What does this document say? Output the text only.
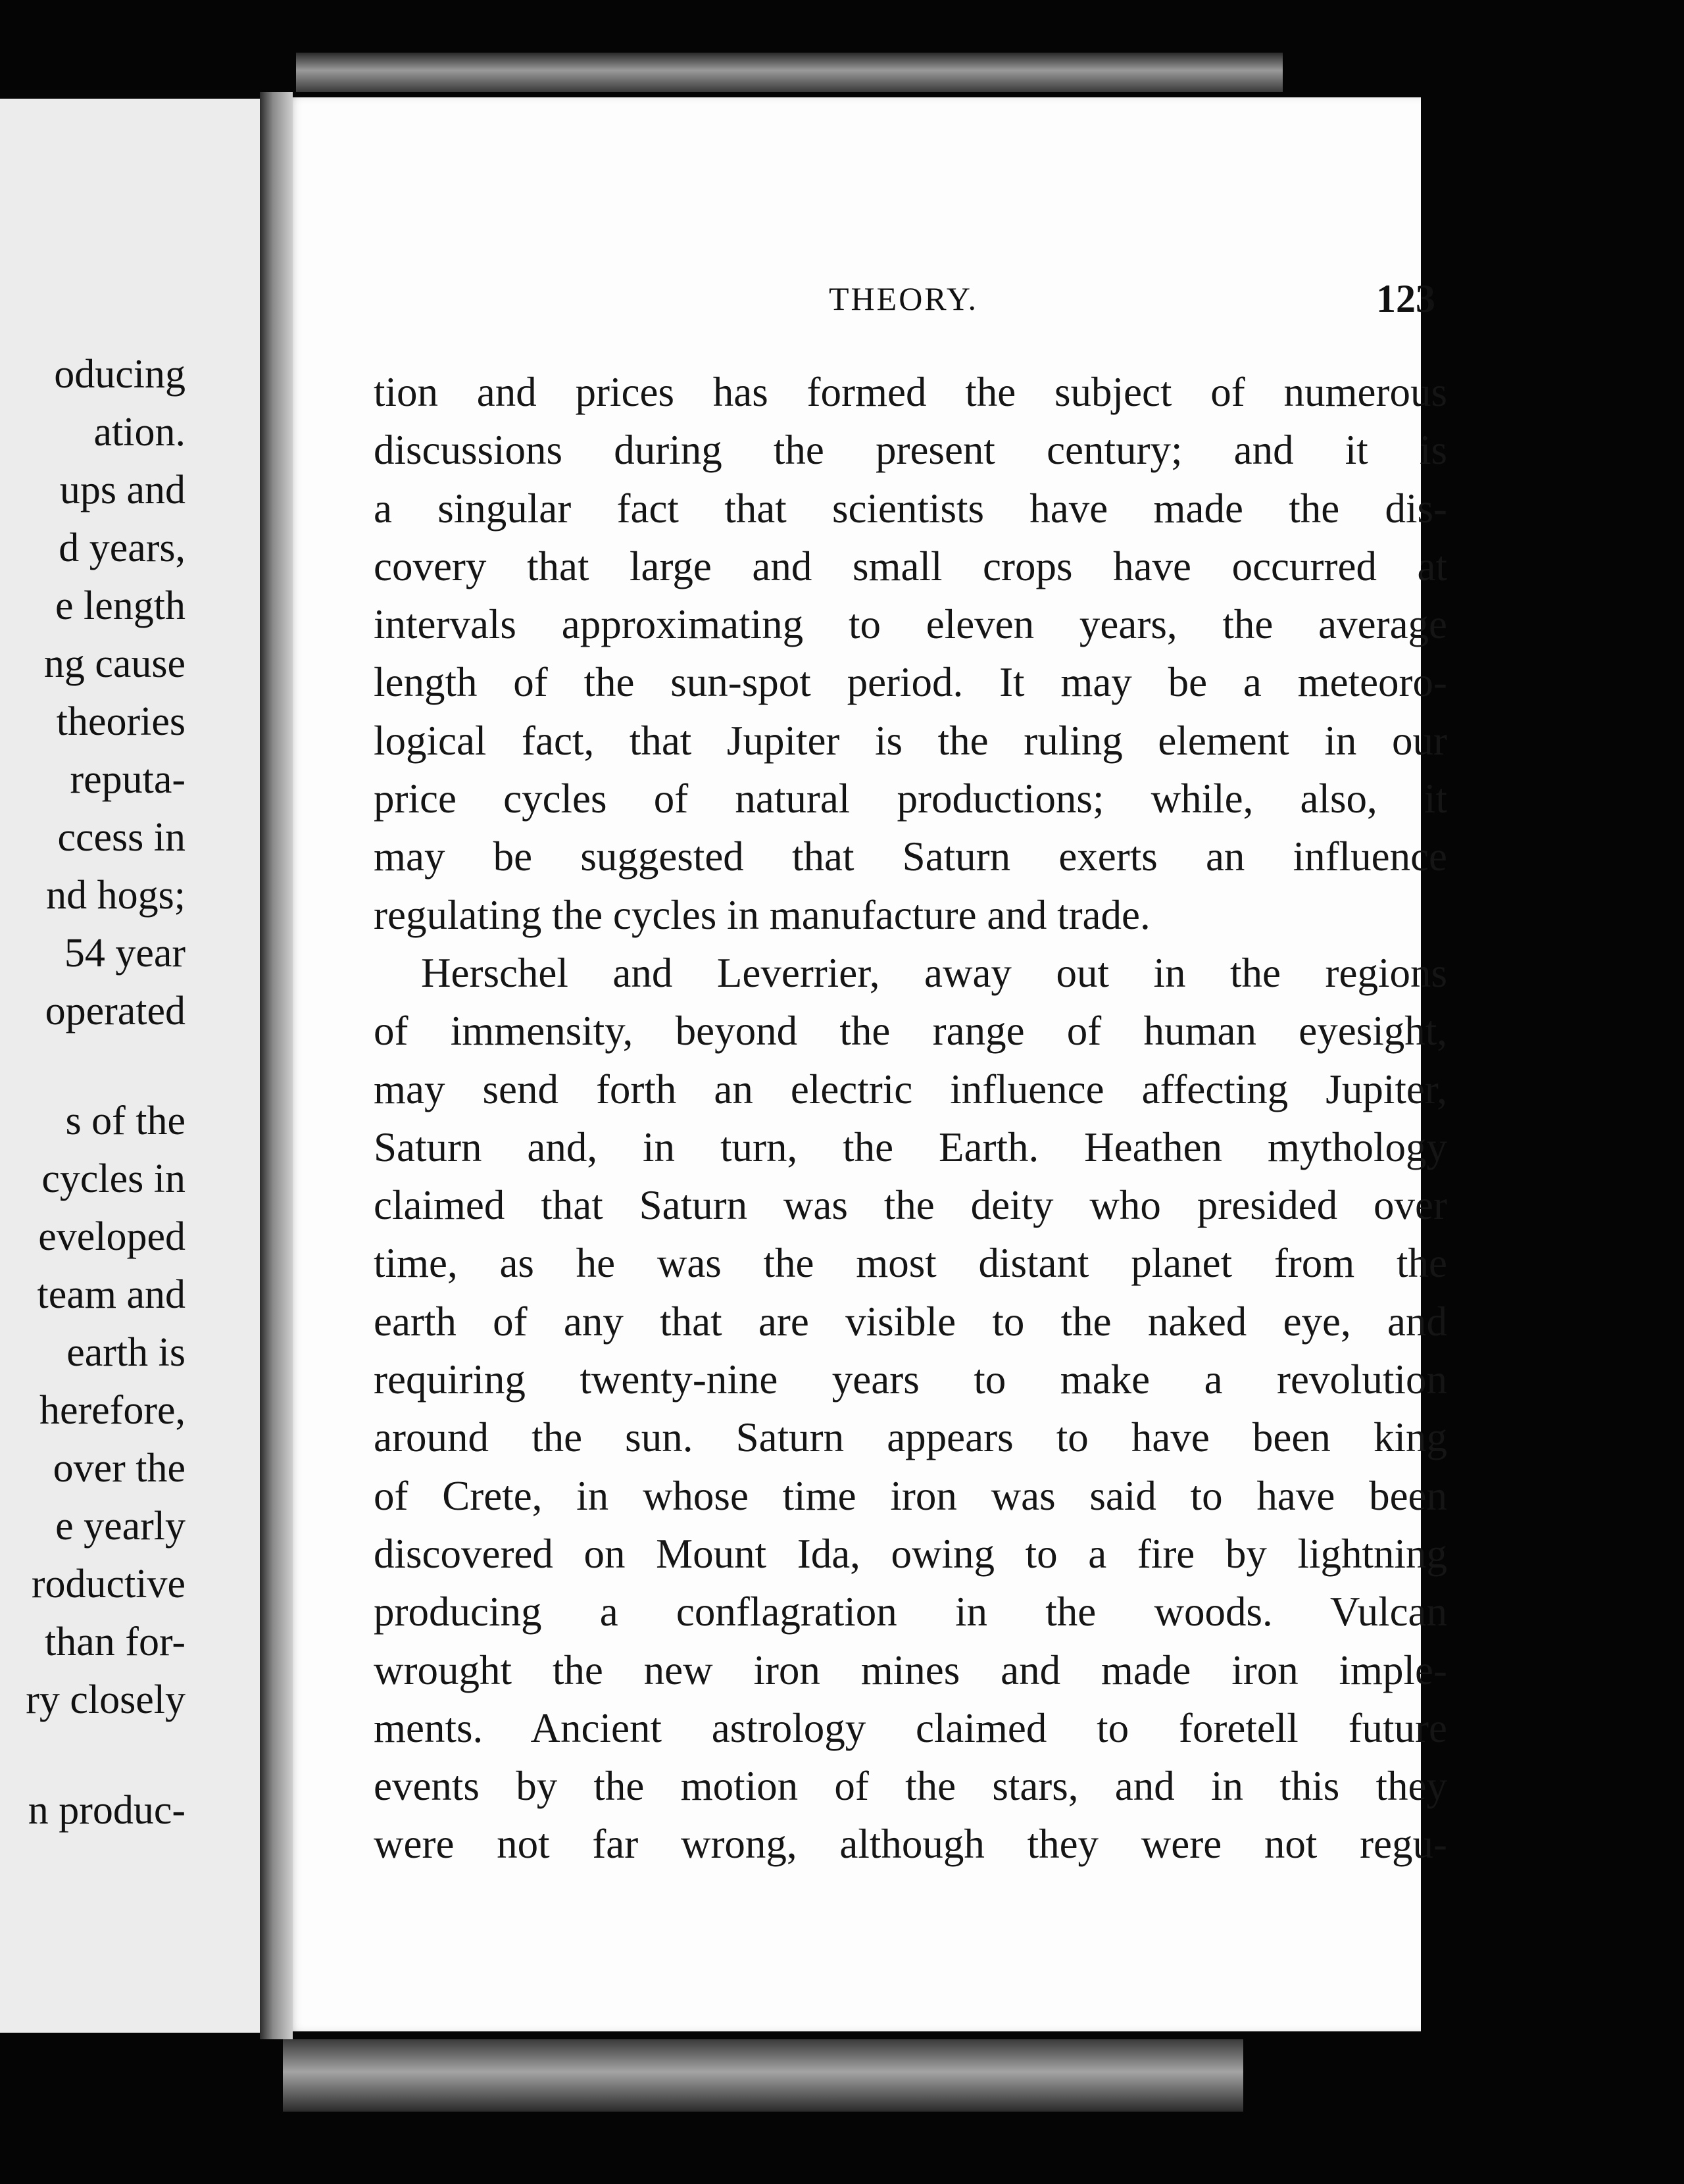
oducing
ation.
ups and
d years,
e length
ng cause
theories
reputa-
ccess in
nd hogs;
54 year
operated
s of the
cycles in
eveloped
team and
earth is
herefore,
over the
e yearly
roductive
than for-
ry closely
n produc-
THEORY.	123
tion and prices has formed the subject of numerous
discussions during the present century; and it is
a singular fact that scientists have made the dis-
covery that large and small crops have occurred at
intervals approximating to eleven years, the average
length of the sun-spot period. It may be a meteoro-
logical fact, that Jupiter is the ruling element in our
price cycles of natural productions; while, also, it
may be suggested that Saturn exerts an influence
regulating the cycles in manufacture and trade.
Herschel and Leverrier, away out in the regions
of immensity, beyond the range of human eyesight,
may send forth an electric influence affecting Jupiter,
Saturn and, in turn, the Earth. Heathen mythology
claimed that Saturn was the deity who presided over
time, as he was the most distant planet from the
earth of any that are visible to the naked eye, and
requiring twenty-nine years to make a revolution
around the sun. Saturn appears to have been king
of Crete, in whose time iron was said to have been
discovered on Mount Ida, owing to a fire by lightning
producing a conflagration in the woods. Vulcan
wrought the new iron mines and made iron imple-
ments. Ancient astrology claimed to foretell future
events by the motion of the stars, and in this they
were not far wrong, although they were not regu-
